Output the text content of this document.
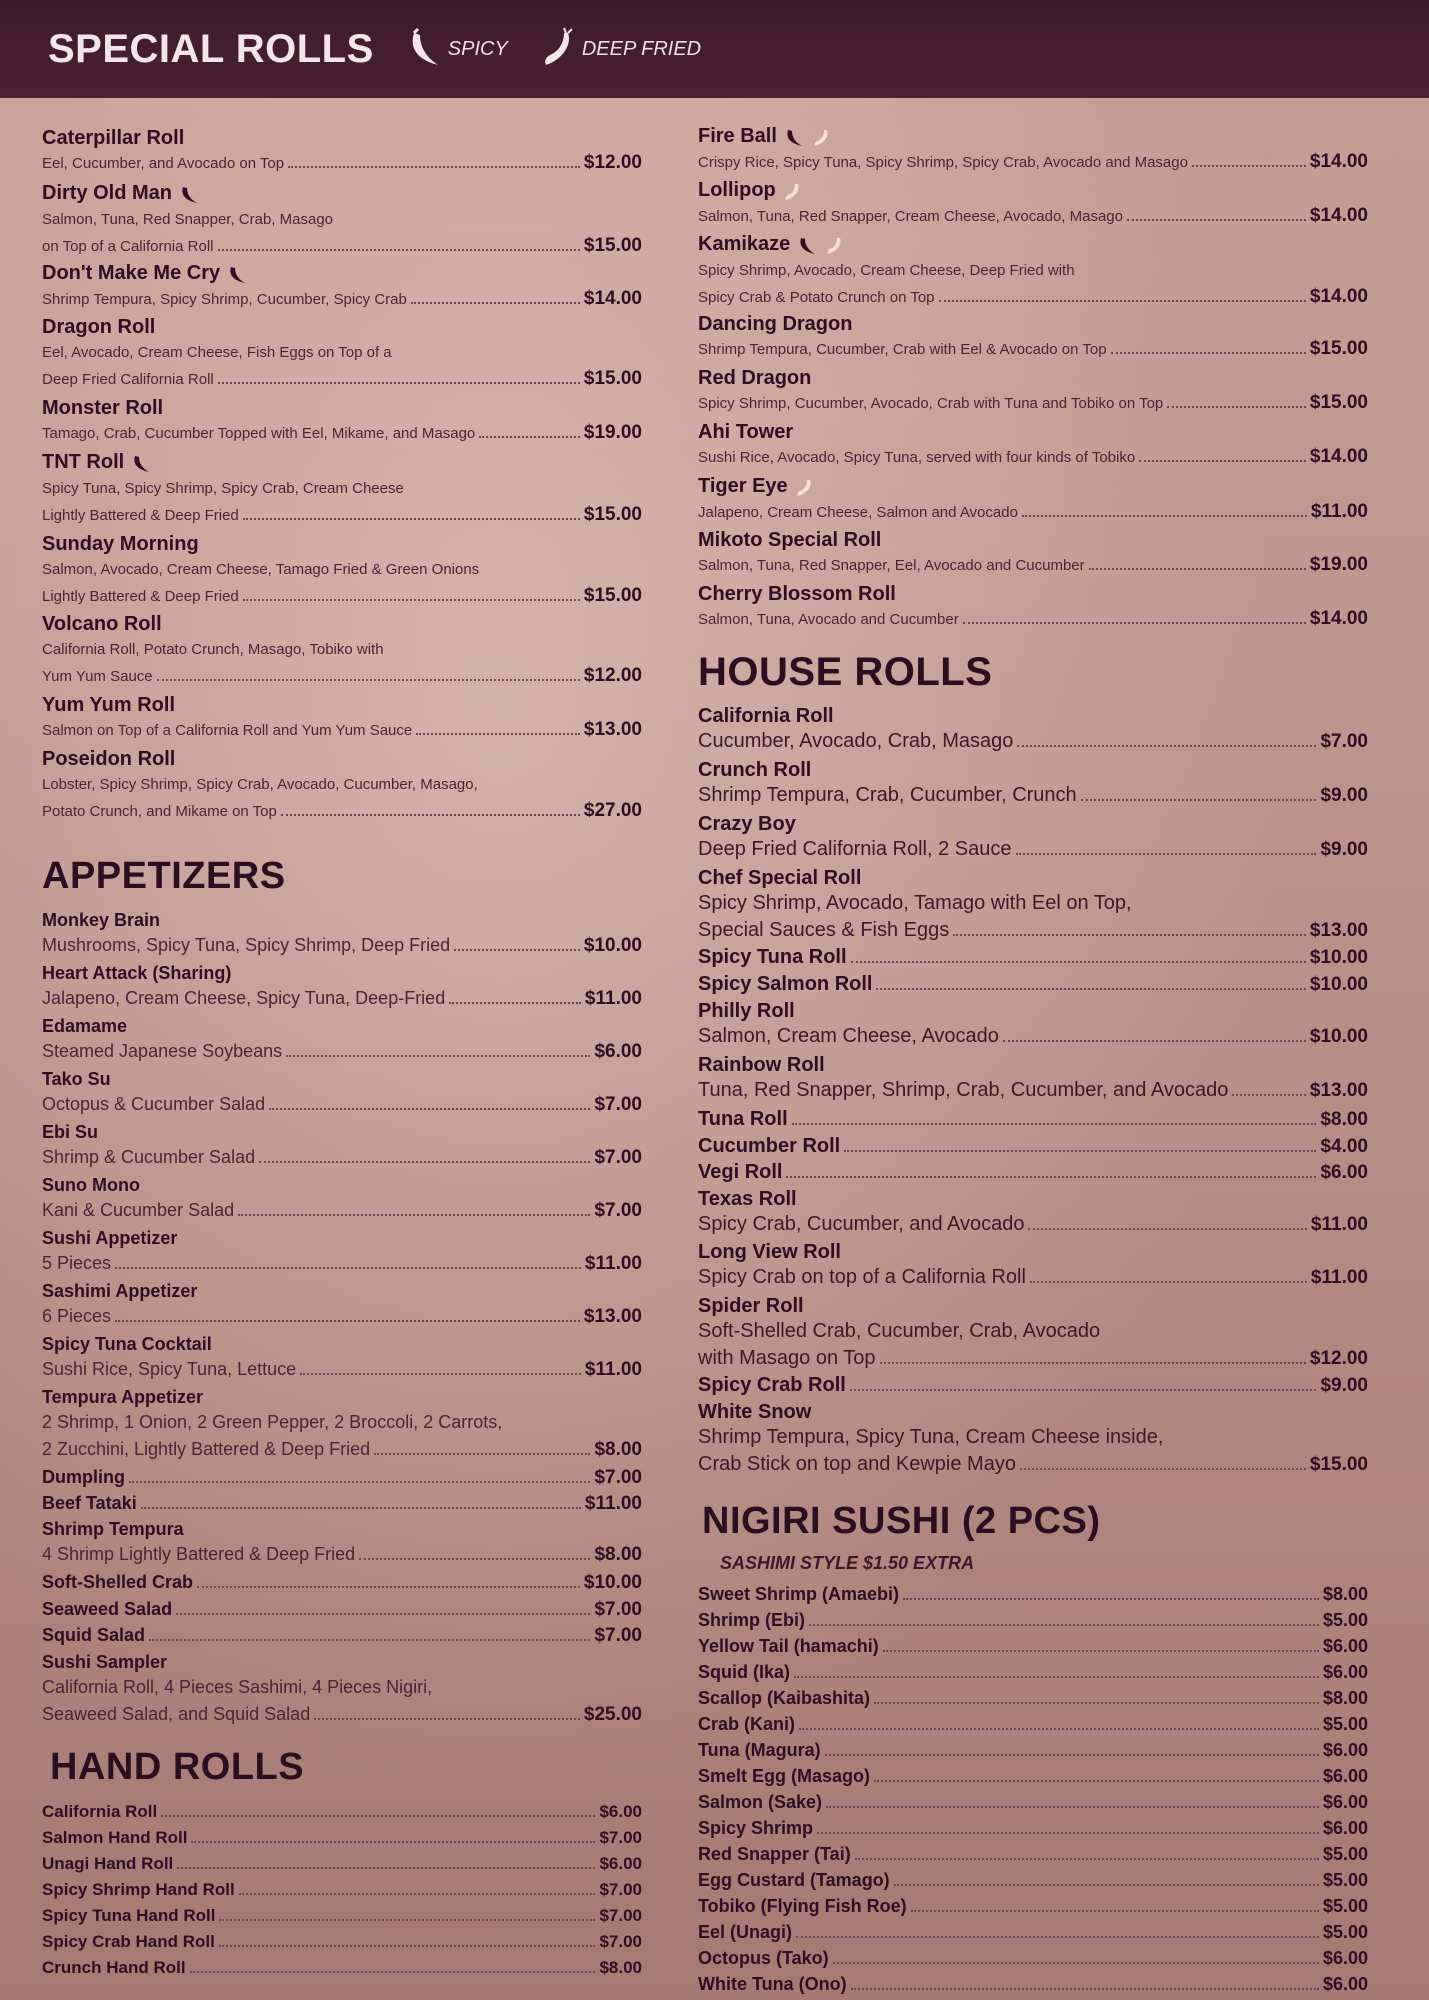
SPECIAL ROLLS	SPICY	DEEP FRIED
Caterpillar Roll
Eel, Cucumber, and Avocado on Top	$12.00
Dirty Old Man
Salmon, Tuna, Red Snapper, Crab, Masago
on Top of a California Roll	$15.00
Don't Make Me Cry
Shrimp Tempura, Spicy Shrimp, Cucumber, Spicy Crab	$14.00
Dragon Roll
Eel, Avocado, Cream Cheese, Fish Eggs on Top of a
Deep Fried California Roll	$15.00
Monster Roll
Tamago, Crab, Cucumber Topped with Eel, Mikame, and Masago	$19.00
TNT Roll
Spicy Tuna, Spicy Shrimp, Spicy Crab, Cream Cheese
Lightly Battered & Deep Fried	$15.00
Sunday Morning
Salmon, Avocado, Cream Cheese, Tamago Fried & Green Onions
Lightly Battered & Deep Fried	$15.00
Volcano Roll
California Roll, Potato Crunch, Masago, Tobiko with
Yum Yum Sauce	$12.00
Yum Yum Roll
Salmon on Top of a California Roll and Yum Yum Sauce	$13.00
Poseidon Roll
Lobster, Spicy Shrimp, Spicy Crab, Avocado, Cucumber, Masago,
Potato Crunch, and Mikame on Top	$27.00
APPETIZERS
Monkey Brain
Mushrooms, Spicy Tuna, Spicy Shrimp, Deep Fried	$10.00
Heart Attack (Sharing)
Jalapeno, Cream Cheese, Spicy Tuna, Deep-Fried	$11.00
Edamame
Steamed Japanese Soybeans	$6.00
Tako Su
Octopus & Cucumber Salad	$7.00
Ebi Su
Shrimp & Cucumber Salad	$7.00
Suno Mono
Kani & Cucumber Salad	$7.00
Sushi Appetizer
5 Pieces	$11.00
Sashimi Appetizer
6 Pieces	$13.00
Spicy Tuna Cocktail
Sushi Rice, Spicy Tuna, Lettuce	$11.00
Tempura Appetizer
2 Shrimp, 1 Onion, 2 Green Pepper, 2 Broccoli, 2 Carrots,
2 Zucchini, Lightly Battered & Deep Fried	$8.00
Dumpling	$7.00
Beef Tataki	$11.00
Shrimp Tempura
4 Shrimp Lightly Battered & Deep Fried	$8.00
Soft-Shelled Crab	$10.00
Seaweed Salad	$7.00
Squid Salad	$7.00
Sushi Sampler
California Roll, 4 Pieces Sashimi, 4 Pieces Nigiri,
Seaweed Salad, and Squid Salad	$25.00
HAND ROLLS
California Roll	$6.00
Salmon Hand Roll	$7.00
Unagi Hand Roll	$6.00
Spicy Shrimp Hand Roll	$7.00
Spicy Tuna Hand Roll	$7.00
Spicy Crab Hand Roll	$7.00
Crunch Hand Roll	$8.00
Fire Ball
Crispy Rice, Spicy Tuna, Spicy Shrimp, Spicy Crab, Avocado and Masago	$14.00
Lollipop
Salmon, Tuna, Red Snapper, Cream Cheese, Avocado, Masago	$14.00
Kamikaze
Spicy Shrimp, Avocado, Cream Cheese, Deep Fried with
Spicy Crab & Potato Crunch on Top	$14.00
Dancing Dragon
Shrimp Tempura, Cucumber, Crab with Eel & Avocado on Top	$15.00
Red Dragon
Spicy Shrimp, Cucumber, Avocado, Crab with Tuna and Tobiko on Top	$15.00
Ahi Tower
Sushi Rice, Avocado, Spicy Tuna, served with four kinds of Tobiko	$14.00
Tiger Eye
Jalapeno, Cream Cheese, Salmon and Avocado	$11.00
Mikoto Special Roll
Salmon, Tuna, Red Snapper, Eel, Avocado and Cucumber	$19.00
Cherry Blossom Roll
Salmon, Tuna, Avocado and Cucumber	$14.00
HOUSE ROLLS
California Roll
Cucumber, Avocado, Crab, Masago	$7.00
Crunch Roll
Shrimp Tempura, Crab, Cucumber, Crunch	$9.00
Crazy Boy
Deep Fried California Roll, 2 Sauce	$9.00
Chef Special Roll
Spicy Shrimp, Avocado, Tamago with Eel on Top,
Special Sauces & Fish Eggs	$13.00
Spicy Tuna Roll	$10.00
Spicy Salmon Roll	$10.00
Philly Roll
Salmon, Cream Cheese, Avocado	$10.00
Rainbow Roll
Tuna, Red Snapper, Shrimp, Crab, Cucumber, and Avocado	$13.00
Tuna Roll	$8.00
Cucumber Roll	$4.00
Vegi Roll	$6.00
Texas Roll
Spicy Crab, Cucumber, and Avocado	$11.00
Long View Roll
Spicy Crab on top of a California Roll	$11.00
Spider Roll
Soft-Shelled Crab, Cucumber, Crab, Avocado
with Masago on Top	$12.00
Spicy Crab Roll	$9.00
White Snow
Shrimp Tempura, Spicy Tuna, Cream Cheese inside,
Crab Stick on top and Kewpie Mayo	$15.00
NIGIRI SUSHI (2 PCS)
SASHIMI STYLE $1.50 EXTRA
Sweet Shrimp (Amaebi)	$8.00
Shrimp (Ebi)	$5.00
Yellow Tail (hamachi)	$6.00
Squid (Ika)	$6.00
Scallop (Kaibashita)	$8.00
Crab (Kani)	$5.00
Tuna (Magura)	$6.00
Smelt Egg (Masago)	$6.00
Salmon (Sake)	$6.00
Spicy Shrimp	$6.00
Red Snapper (Tai)	$5.00
Egg Custard (Tamago)	$5.00
Tobiko (Flying Fish Roe)	$5.00
Eel (Unagi)	$5.00
Octopus (Tako)	$6.00
White Tuna (Ono)	$6.00
